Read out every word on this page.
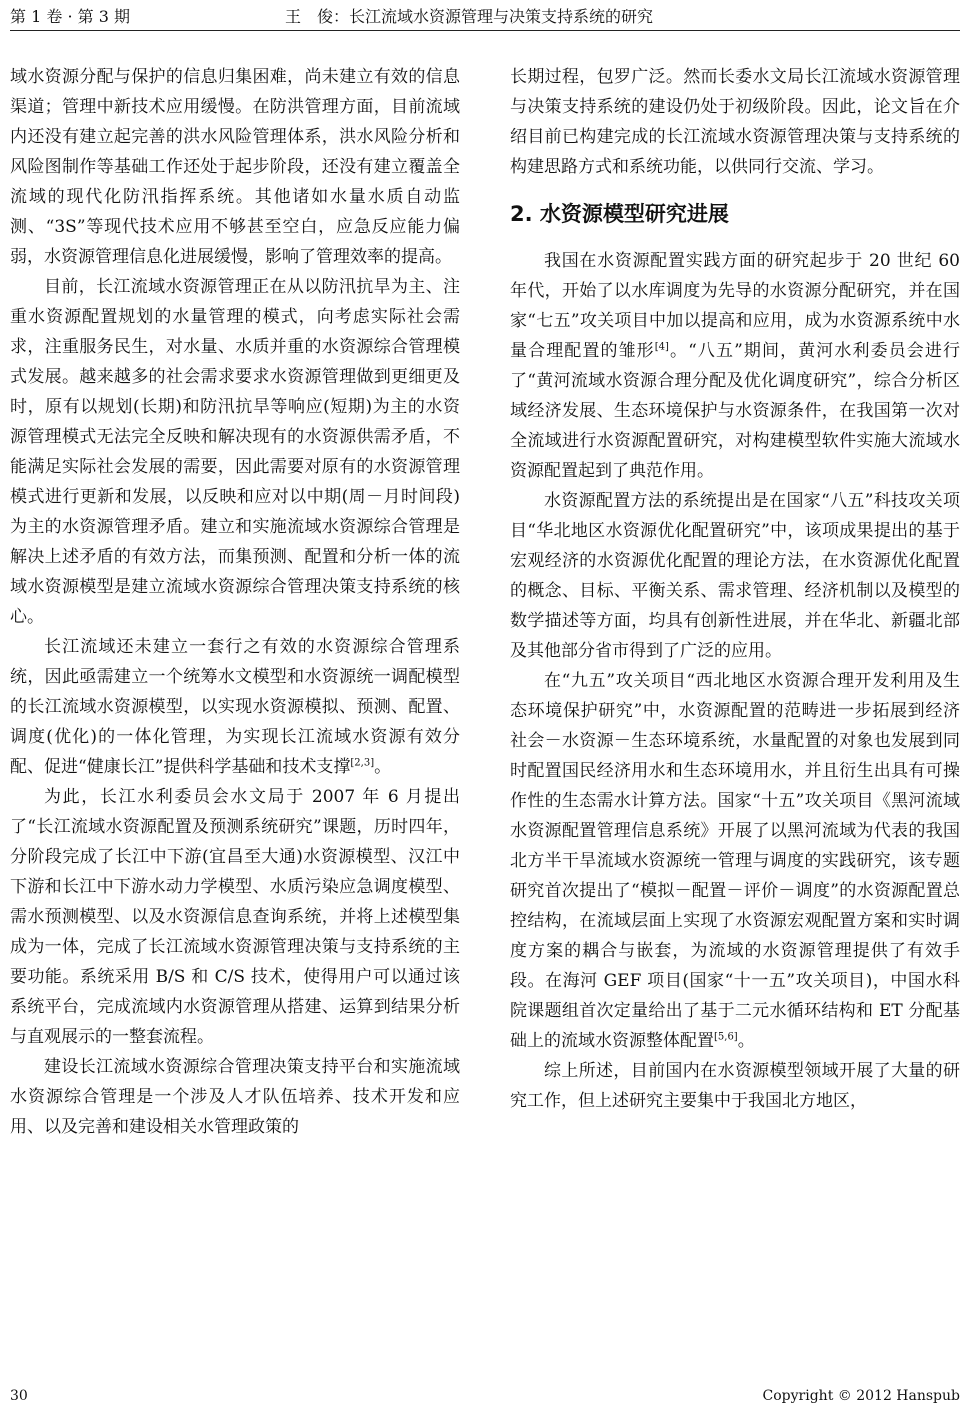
第 1 卷 · 第 3 期	王　俊：长江流域水资源管理与决策支持系统的研究

域水资源分配与保护的信息归集困难，尚未建立有效的信息渠道；管理中新技术应用缓慢。在防洪管理方面，目前流域内还没有建立起完善的洪水风险管理体系，洪水风险分析和风险图制作等基础工作还处于起步阶段，还没有建立覆盖全流域的现代化防汛指挥系统。其他诸如水量水质自动监测、“3S”等现代技术应用不够甚至空白，应急反应能力偏弱，水资源管理信息化进展缓慢，影响了管理效率的提高。

目前，长江流域水资源管理正在从以防汛抗旱为主、注重水资源配置规划的水量管理的模式，向考虑实际社会需求，注重服务民生，对水量、水质并重的水资源综合管理模式发展。越来越多的社会需求要求水资源管理做到更细更及时，原有以规划(长期)和防汛抗旱等响应(短期)为主的水资源管理模式无法完全反映和解决现有的水资源供需矛盾，不能满足实际社会发展的需要，因此需要对原有的水资源管理模式进行更新和发展，以反映和应对以中期(周－月时间段)为主的水资源管理矛盾。建立和实施流域水资源综合管理是解决上述矛盾的有效方法，而集预测、配置和分析一体的流域水资源模型是建立流域水资源综合管理决策支持系统的核心。

长江流域还未建立一套行之有效的水资源综合管理系统，因此亟需建立一个统筹水文模型和水资源统一调配模型的长江流域水资源模型，以实现水资源模拟、预测、配置、调度(优化)的一体化管理，为实现长江流域水资源有效分配、促进“健康长江”提供科学基础和技术支撑[2,3]。

为此，长江水利委员会水文局于 2007 年 6 月提出了“长江流域水资源配置及预测系统研究”课题，历时四年，分阶段完成了长江中下游(宜昌至大通)水资源模型、汉江中下游和长江中下游水动力学模型、水质污染应急调度模型、需水预测模型、以及水资源信息查询系统，并将上述模型集成为一体，完成了长江流域水资源管理决策与支持系统的主要功能。系统采用 B/S 和 C/S 技术，使得用户可以通过该系统平台，完成流域内水资源管理从搭建、运算到结果分析与直观展示的一整套流程。

建设长江流域水资源综合管理决策支持平台和实施流域水资源综合管理是一个涉及人才队伍培养、技术开发和应用、以及完善和建设相关水管理政策的

长期过程，包罗广泛。然而长委水文局长江流域水资源管理与决策支持系统的建设仍处于初级阶段。因此，论文旨在介绍目前已构建完成的长江流域水资源管理决策与支持系统的构建思路方式和系统功能，以供同行交流、学习。

2. 水资源模型研究进展

我国在水资源配置实践方面的研究起步于 20 世纪 60 年代，开始了以水库调度为先导的水资源分配研究，并在国家“七五”攻关项目中加以提高和应用，成为水资源系统中水量合理配置的雏形[4]。“八五”期间，黄河水利委员会进行了“黄河流域水资源合理分配及优化调度研究”，综合分析区域经济发展、生态环境保护与水资源条件，在我国第一次对全流域进行水资源配置研究，对构建模型软件实施大流域水资源配置起到了典范作用。

水资源配置方法的系统提出是在国家“八五”科技攻关项目“华北地区水资源优化配置研究”中，该项成果提出的基于宏观经济的水资源优化配置的理论方法，在水资源优化配置的概念、目标、平衡关系、需求管理、经济机制以及模型的数学描述等方面，均具有创新性进展，并在华北、新疆北部及其他部分省市得到了广泛的应用。

在“九五”攻关项目“西北地区水资源合理开发利用及生态环境保护研究”中，水资源配置的范畴进一步拓展到经济社会－水资源－生态环境系统，水量配置的对象也发展到同时配置国民经济用水和生态环境用水，并且衍生出具有可操作性的生态需水计算方法。国家“十五”攻关项目《黑河流域水资源配置管理信息系统》开展了以黑河流域为代表的我国北方半干旱流域水资源统一管理与调度的实践研究，该专题研究首次提出了“模拟－配置－评价－调度”的水资源配置总控结构，在流域层面上实现了水资源宏观配置方案和实时调度方案的耦合与嵌套，为流域的水资源管理提供了有效手段。在海河 GEF 项目(国家“十一五”攻关项目)，中国水科院课题组首次定量给出了基于二元水循环结构和 ET 分配基础上的流域水资源整体配置[5,6]。

综上所述，目前国内在水资源模型领域开展了大量的研究工作，但上述研究主要集中于我国北方地区，

30	Copyright © 2012 Hanspub
